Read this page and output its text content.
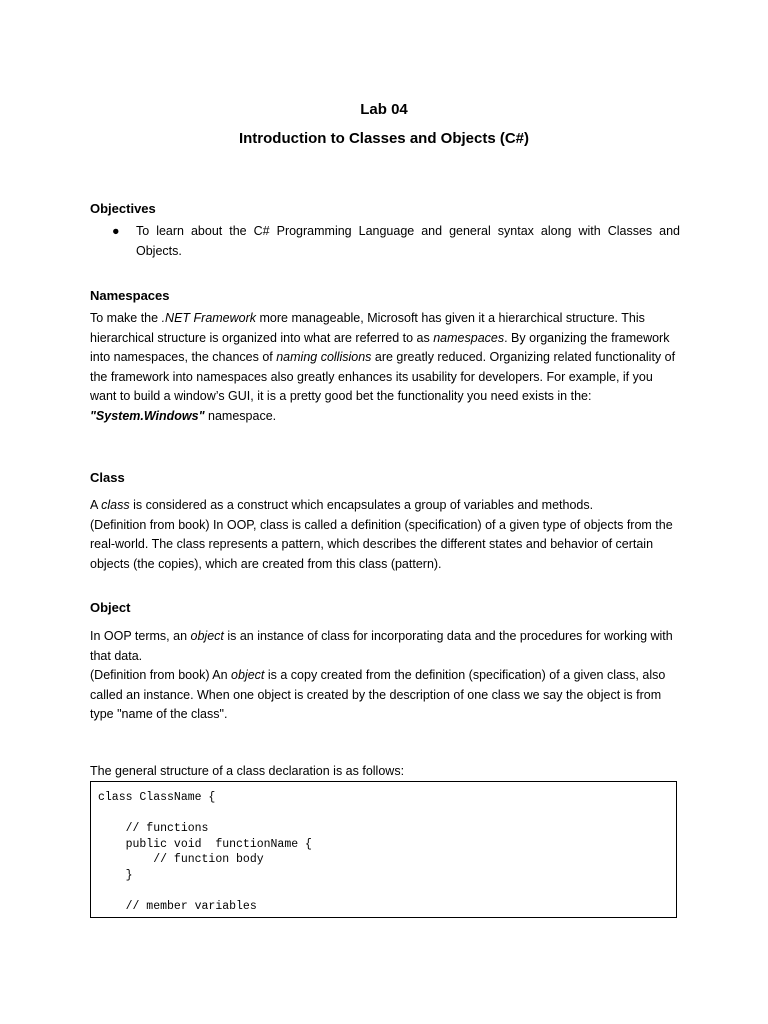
Lab 04
Introduction to Classes and Objects (C#)
Objectives
● To learn about the C# Programming Language and general syntax along with Classes and Objects.
Namespaces
To make the .NET Framework more manageable, Microsoft has given it a hierarchical structure. This hierarchical structure is organized into what are referred to as namespaces. By organizing the framework into namespaces, the chances of naming collisions are greatly reduced. Organizing related functionality of the framework into namespaces also greatly enhances its usability for developers. For example, if you want to build a window’s GUI, it is a pretty good bet the functionality you need exists in the:
"System.Windows" namespace.
Class
A class is considered as a construct which encapsulates a group of variables and methods.
(Definition from book) In OOP, class is called a definition (specification) of a given type of objects from the real-world. The class represents a pattern, which describes the different states and behavior of certain objects (the copies), which are created from this class (pattern).
Object
In OOP terms, an object is an instance of class for incorporating data and the procedures for working with that data.
(Definition from book) An object is a copy created from the definition (specification) of a given class, also called an instance. When one object is created by the description of one class we say the object is from type "name of the class".
The general structure of a class declaration is as follows:
class ClassName {

// functions
public void  functionName {
// function body
}

// member variables
